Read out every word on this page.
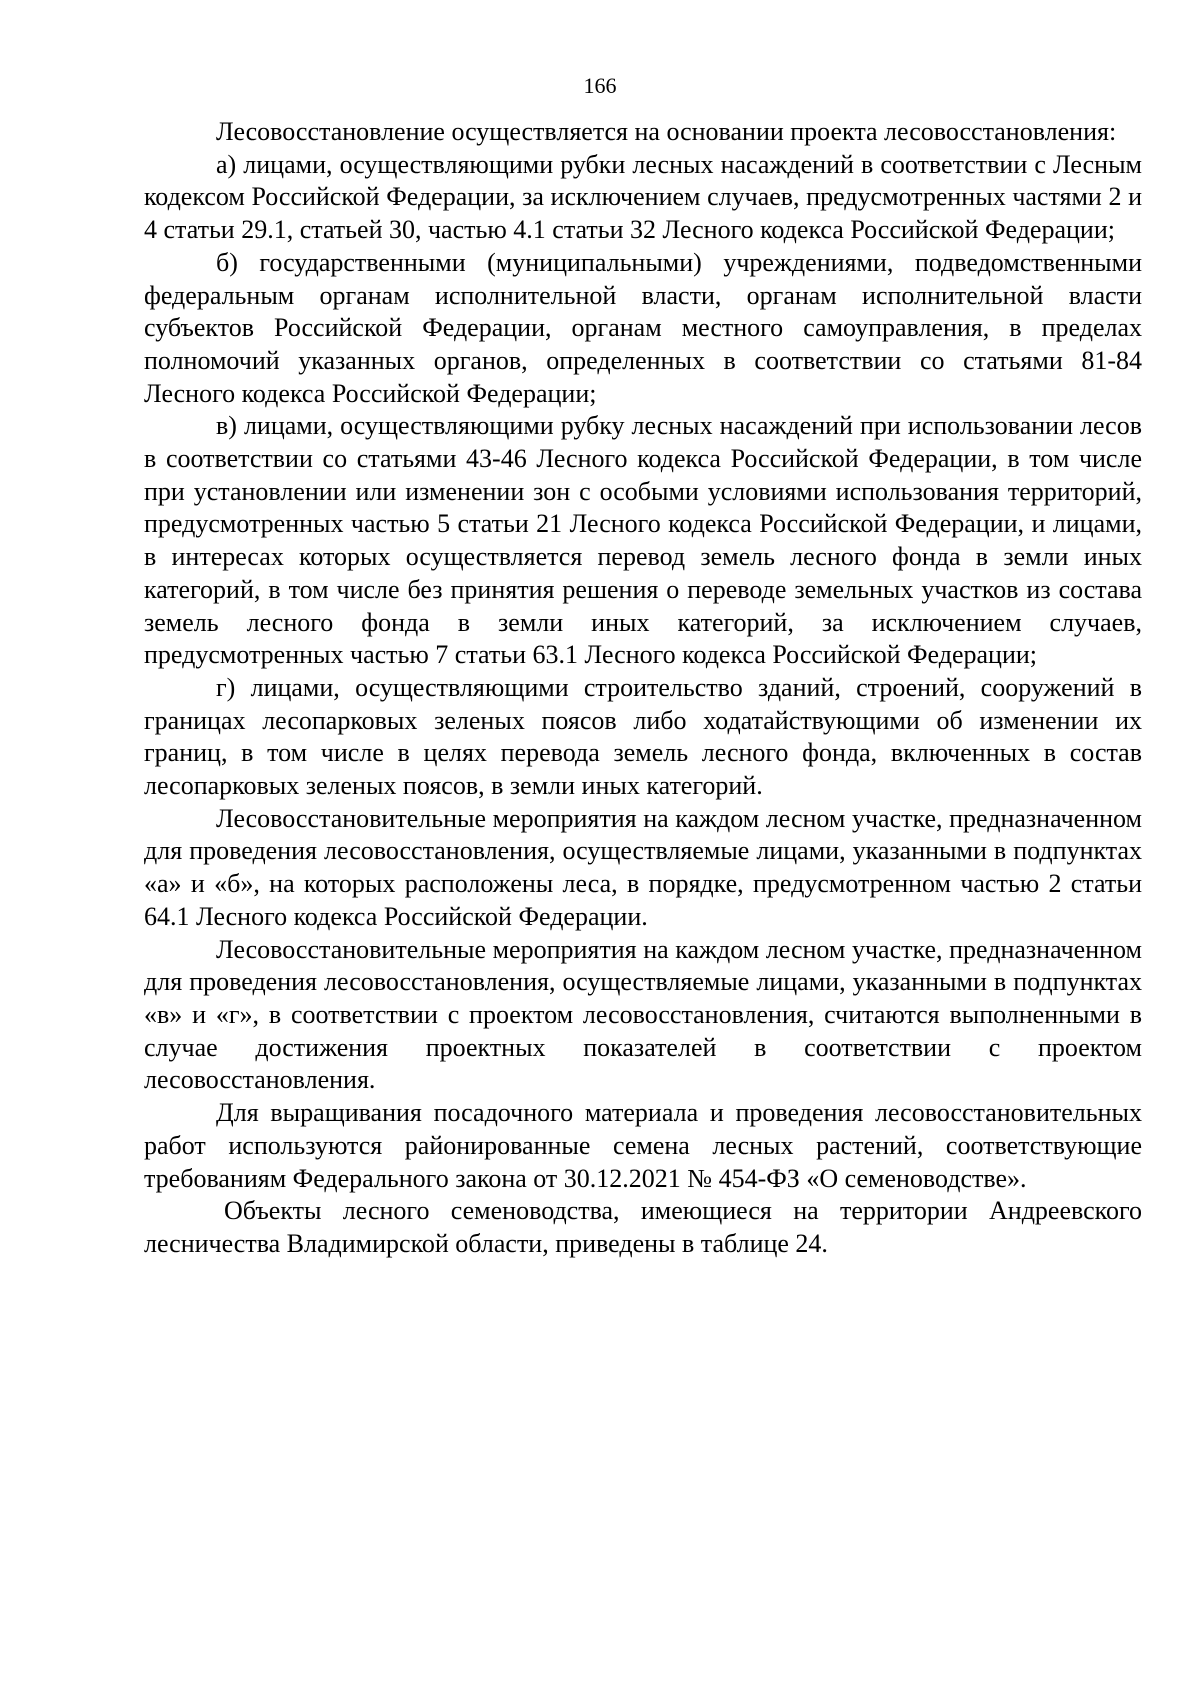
166

Лесовосстановление осуществляется на основании проекта лесовосстановления:

а) лицами, осуществляющими рубки лесных насаждений в соответствии с Лесным кодексом Российской Федерации, за исключением случаев, предусмотренных частями 2 и 4 статьи 29.1, статьей 30, частью 4.1 статьи 32 Лесного кодекса Российской Федерации;

б) государственными (муниципальными) учреждениями, подведомственными федеральным органам исполнительной власти, органам исполнительной власти субъектов Российской Федерации, органам местного самоуправления, в пределах полномочий указанных органов, определенных в соответствии со статьями 81-84 Лесного кодекса Российской Федерации;

в) лицами, осуществляющими рубку лесных насаждений при использовании лесов в соответствии со статьями 43-46 Лесного кодекса Российской Федерации, в том числе при установлении или изменении зон с особыми условиями использования территорий, предусмотренных частью 5 статьи 21 Лесного кодекса Российской Федерации, и лицами, в интересах которых осуществляется перевод земель лесного фонда в земли иных категорий, в том числе без принятия решения о переводе земельных участков из состава земель лесного фонда в земли иных категорий, за исключением случаев, предусмотренных частью 7 статьи 63.1 Лесного кодекса Российской Федерации;

г) лицами, осуществляющими строительство зданий, строений, сооружений в границах лесопарковых зеленых поясов либо ходатайствующими об изменении их границ, в том числе в целях перевода земель лесного фонда, включенных в состав лесопарковых зеленых поясов, в земли иных категорий.

Лесовосстановительные мероприятия на каждом лесном участке, предназначенном для проведения лесовосстановления, осуществляемые лицами, указанными в подпунктах «а» и «б», на которых расположены леса, в порядке, предусмотренном частью 2 статьи 64.1 Лесного кодекса Российской Федерации.

Лесовосстановительные мероприятия на каждом лесном участке, предназначенном для проведения лесовосстановления, осуществляемые лицами, указанными в подпунктах «в» и «г», в соответствии с проектом лесовосстановления, считаются выполненными в случае достижения проектных показателей в соответствии с проектом лесовосстановления.

Для выращивания посадочного материала и проведения лесовосстановительных работ используются районированные семена лесных растений, соответствующие требованиям Федерального закона от 30.12.2021 № 454-ФЗ «О семеноводстве».

Объекты лесного семеноводства, имеющиеся на территории Андреевского лесничества Владимирской области, приведены в таблице 24.
